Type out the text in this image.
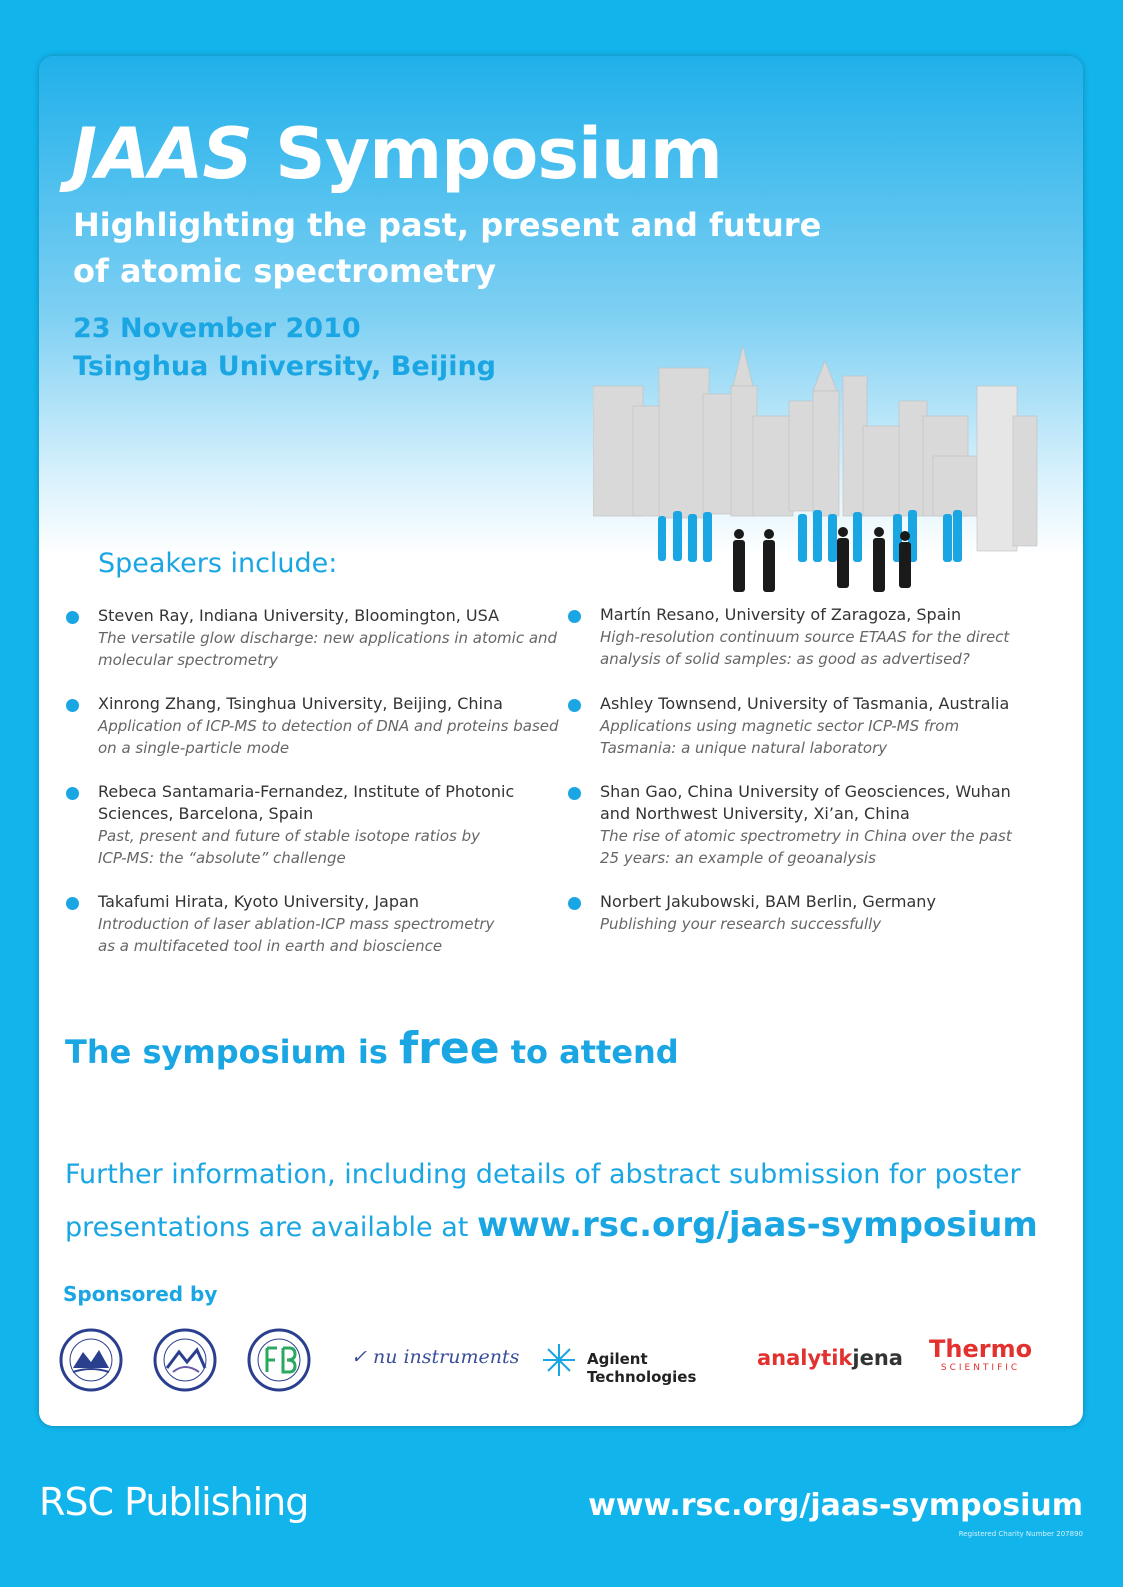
JAAS Symposium
Highlighting the past, present and future
of atomic spectrometry
23 November 2010
Tsinghua University, Beijing
Speakers include:
Steven Ray, Indiana University, Bloomington, USA
The versatile glow discharge: new applications in atomic and molecular spectrometry
Xinrong Zhang, Tsinghua University, Beijing, China
Application of ICP-MS to detection of DNA and proteins based on a single-particle mode
Rebeca Santamaria-Fernandez, Institute of Photonic Sciences, Barcelona, Spain
Past, present and future of stable isotope ratios by ICP-MS: the “absolute” challenge
Takafumi Hirata, Kyoto University, Japan
Introduction of laser ablation-ICP mass spectrometry as a multifaceted tool in earth and bioscience
Martín Resano, University of Zaragoza, Spain
High-resolution continuum source ETAAS for the direct analysis of solid samples: as good as advertised?
Ashley Townsend, University of Tasmania, Australia
Applications using magnetic sector ICP-MS from Tasmania: a unique natural laboratory
Shan Gao, China University of Geosciences, Wuhan and Northwest University, Xi’an, China
The rise of atomic spectrometry in China over the past 25 years: an example of geoanalysis
Norbert Jakubowski, BAM Berlin, Germany
Publishing your research successfully
The symposium is free to attend
Further information, including details of abstract submission for poster
presentations are available at www.rsc.org/jaas-symposium
Sponsored by
✓ nu instruments	Agilent Technologies
analytikjena Thermo
SCIENTIFIC
RSC Publishing	www.rsc.org/jaas-symposium
Registered Charity Number 207890
